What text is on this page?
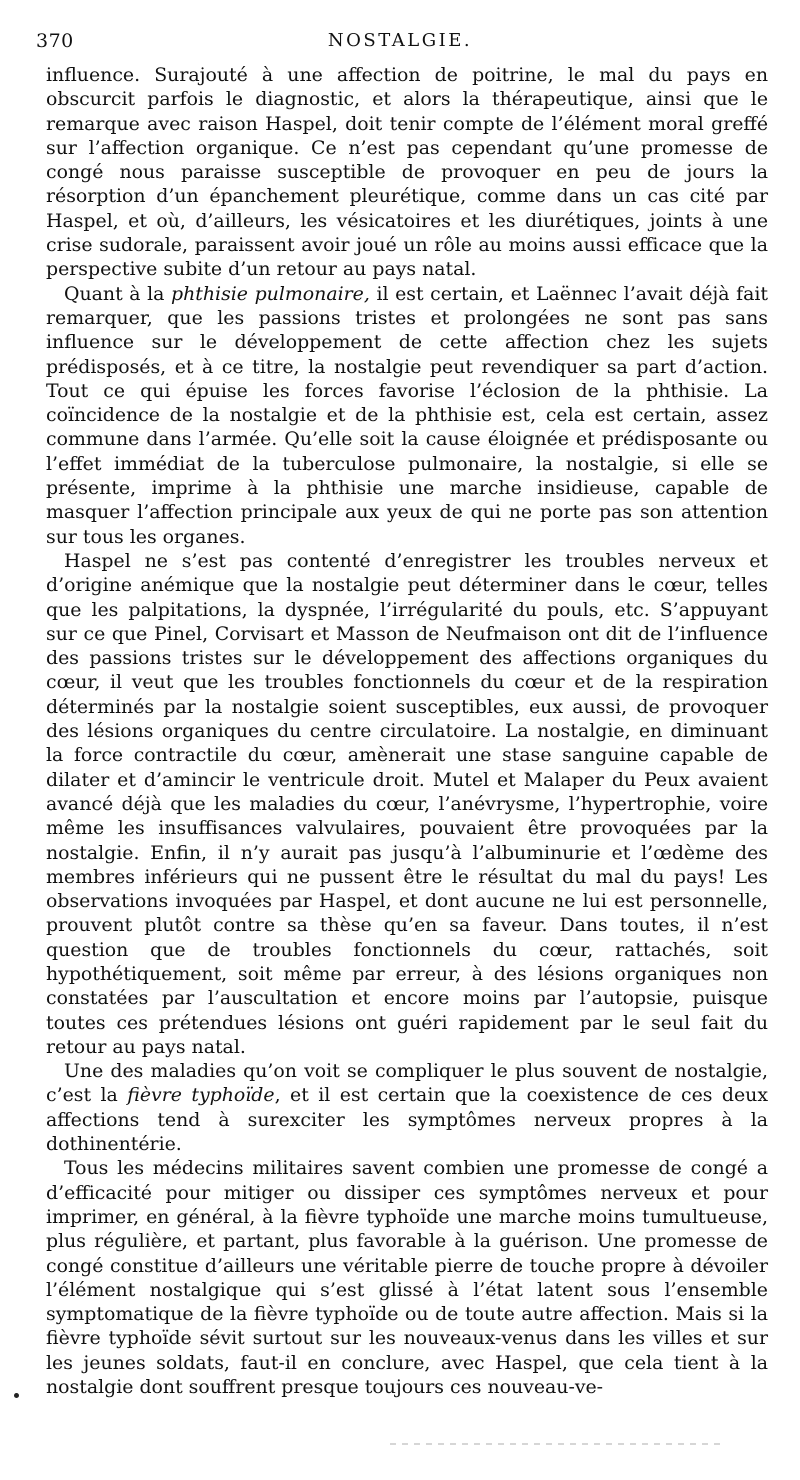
370	NOSTALGIE.

influence. Surajouté à une affection de poitrine, le mal du pays en obscurcit parfois le diagnostic, et alors la thérapeutique, ainsi que le remarque avec raison Haspel, doit tenir compte de l’élément moral greffé sur l’affection organique. Ce n’est pas cependant qu’une promesse de congé nous paraisse susceptible de provoquer en peu de jours la résorption d’un épanchement pleurétique, comme dans un cas cité par Haspel, et où, d’ailleurs, les vésicatoires et les diurétiques, joints à une crise sudorale, paraissent avoir joué un rôle au moins aussi efficace que la perspective subite d’un retour au pays natal.

Quant à la phthisie pulmonaire, il est certain, et Laënnec l’avait déjà fait remarquer, que les passions tristes et prolongées ne sont pas sans influence sur le développement de cette affection chez les sujets prédisposés, et à ce titre, la nostalgie peut revendiquer sa part d’action. Tout ce qui épuise les forces favorise l’éclosion de la phthisie. La coïncidence de la nostalgie et de la phthisie est, cela est certain, assez commune dans l’armée. Qu’elle soit la cause éloignée et prédisposante ou l’effet immédiat de la tuberculose pulmonaire, la nostalgie, si elle se présente, imprime à la phthisie une marche insidieuse, capable de masquer l’affection principale aux yeux de qui ne porte pas son attention sur tous les organes.

Haspel ne s’est pas contenté d’enregistrer les troubles nerveux et d’origine anémique que la nostalgie peut déterminer dans le cœur, telles que les palpitations, la dyspnée, l’irrégularité du pouls, etc. S’appuyant sur ce que Pinel, Corvisart et Masson de Neufmaison ont dit de l’influence des passions tristes sur le développement des affections organiques du cœur, il veut que les troubles fonctionnels du cœur et de la respiration déterminés par la nostalgie soient susceptibles, eux aussi, de provoquer des lésions organiques du centre circulatoire. La nostalgie, en diminuant la force contractile du cœur, amènerait une stase sanguine capable de dilater et d’amincir le ventricule droit. Mutel et Malaper du Peux avaient avancé déjà que les maladies du cœur, l’anévrysme, l’hypertrophie, voire même les insuffisances valvulaires, pouvaient être provoquées par la nostalgie. Enfin, il n’y aurait pas jusqu’à l’albuminurie et l’œdème des membres inférieurs qui ne pussent être le résultat du mal du pays! Les observations invoquées par Haspel, et dont aucune ne lui est personnelle, prouvent plutôt contre sa thèse qu’en sa faveur. Dans toutes, il n’est question que de troubles fonctionnels du cœur, rattachés, soit hypothétiquement, soit même par erreur, à des lésions organiques non constatées par l’auscultation et encore moins par l’autopsie, puisque toutes ces prétendues lésions ont guéri rapidement par le seul fait du retour au pays natal.

Une des maladies qu’on voit se compliquer le plus souvent de nostalgie, c’est la fièvre typhoïde, et il est certain que la coexistence de ces deux affections tend à surexciter les symptômes nerveux propres à la dothinentérie.

Tous les médecins militaires savent combien une promesse de congé a d’efficacité pour mitiger ou dissiper ces symptômes nerveux et pour imprimer, en général, à la fièvre typhoïde une marche moins tumultueuse, plus régulière, et partant, plus favorable à la guérison. Une promesse de congé constitue d’ailleurs une véritable pierre de touche propre à dévoiler l’élément nostalgique qui s’est glissé à l’état latent sous l’ensemble symptomatique de la fièvre typhoïde ou de toute autre affection. Mais si la fièvre typhoïde sévit surtout sur les nouveaux-venus dans les villes et sur les jeunes soldats, faut-il en conclure, avec Haspel, que cela tient à la nostalgie dont souffrent presque toujours ces nouveau-ve-
